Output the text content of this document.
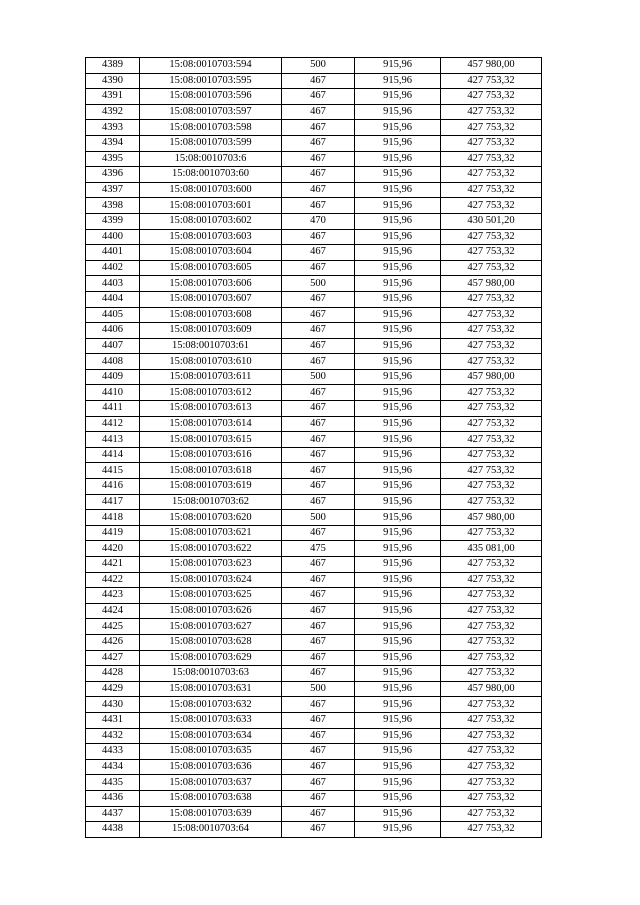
4389	15:08:0010703:594	500	915,96	457 980,00
4390	15:08:0010703:595	467	915,96	427 753,32
4391	15:08:0010703:596	467	915,96	427 753,32
4392	15:08:0010703:597	467	915,96	427 753,32
4393	15:08:0010703:598	467	915,96	427 753,32
4394	15:08:0010703:599	467	915,96	427 753,32
4395	15:08:0010703:6	467	915,96	427 753,32
4396	15:08:0010703:60	467	915,96	427 753,32
4397	15:08:0010703:600	467	915,96	427 753,32
4398	15:08:0010703:601	467	915,96	427 753,32
4399	15:08:0010703:602	470	915,96	430 501,20
4400	15:08:0010703:603	467	915,96	427 753,32
4401	15:08:0010703:604	467	915,96	427 753,32
4402	15:08:0010703:605	467	915,96	427 753,32
4403	15:08:0010703:606	500	915,96	457 980,00
4404	15:08:0010703:607	467	915,96	427 753,32
4405	15:08:0010703:608	467	915,96	427 753,32
4406	15:08:0010703:609	467	915,96	427 753,32
4407	15:08:0010703:61	467	915,96	427 753,32
4408	15:08:0010703:610	467	915,96	427 753,32
4409	15:08:0010703:611	500	915,96	457 980,00
4410	15:08:0010703:612	467	915,96	427 753,32
4411	15:08:0010703:613	467	915,96	427 753,32
4412	15:08:0010703:614	467	915,96	427 753,32
4413	15:08:0010703:615	467	915,96	427 753,32
4414	15:08:0010703:616	467	915,96	427 753,32
4415	15:08:0010703:618	467	915,96	427 753,32
4416	15:08:0010703:619	467	915,96	427 753,32
4417	15:08:0010703:62	467	915,96	427 753,32
4418	15:08:0010703:620	500	915,96	457 980,00
4419	15:08:0010703:621	467	915,96	427 753,32
4420	15:08:0010703:622	475	915,96	435 081,00
4421	15:08:0010703:623	467	915,96	427 753,32
4422	15:08:0010703:624	467	915,96	427 753,32
4423	15:08:0010703:625	467	915,96	427 753,32
4424	15:08:0010703:626	467	915,96	427 753,32
4425	15:08:0010703:627	467	915,96	427 753,32
4426	15:08:0010703:628	467	915,96	427 753,32
4427	15:08:0010703:629	467	915,96	427 753,32
4428	15:08:0010703:63	467	915,96	427 753,32
4429	15:08:0010703:631	500	915,96	457 980,00
4430	15:08:0010703:632	467	915,96	427 753,32
4431	15:08:0010703:633	467	915,96	427 753,32
4432	15:08:0010703:634	467	915,96	427 753,32
4433	15:08:0010703:635	467	915,96	427 753,32
4434	15:08:0010703:636	467	915,96	427 753,32
4435	15:08:0010703:637	467	915,96	427 753,32
4436	15:08:0010703:638	467	915,96	427 753,32
4437	15:08:0010703:639	467	915,96	427 753,32
4438	15:08:0010703:64	467	915,96	427 753,32
